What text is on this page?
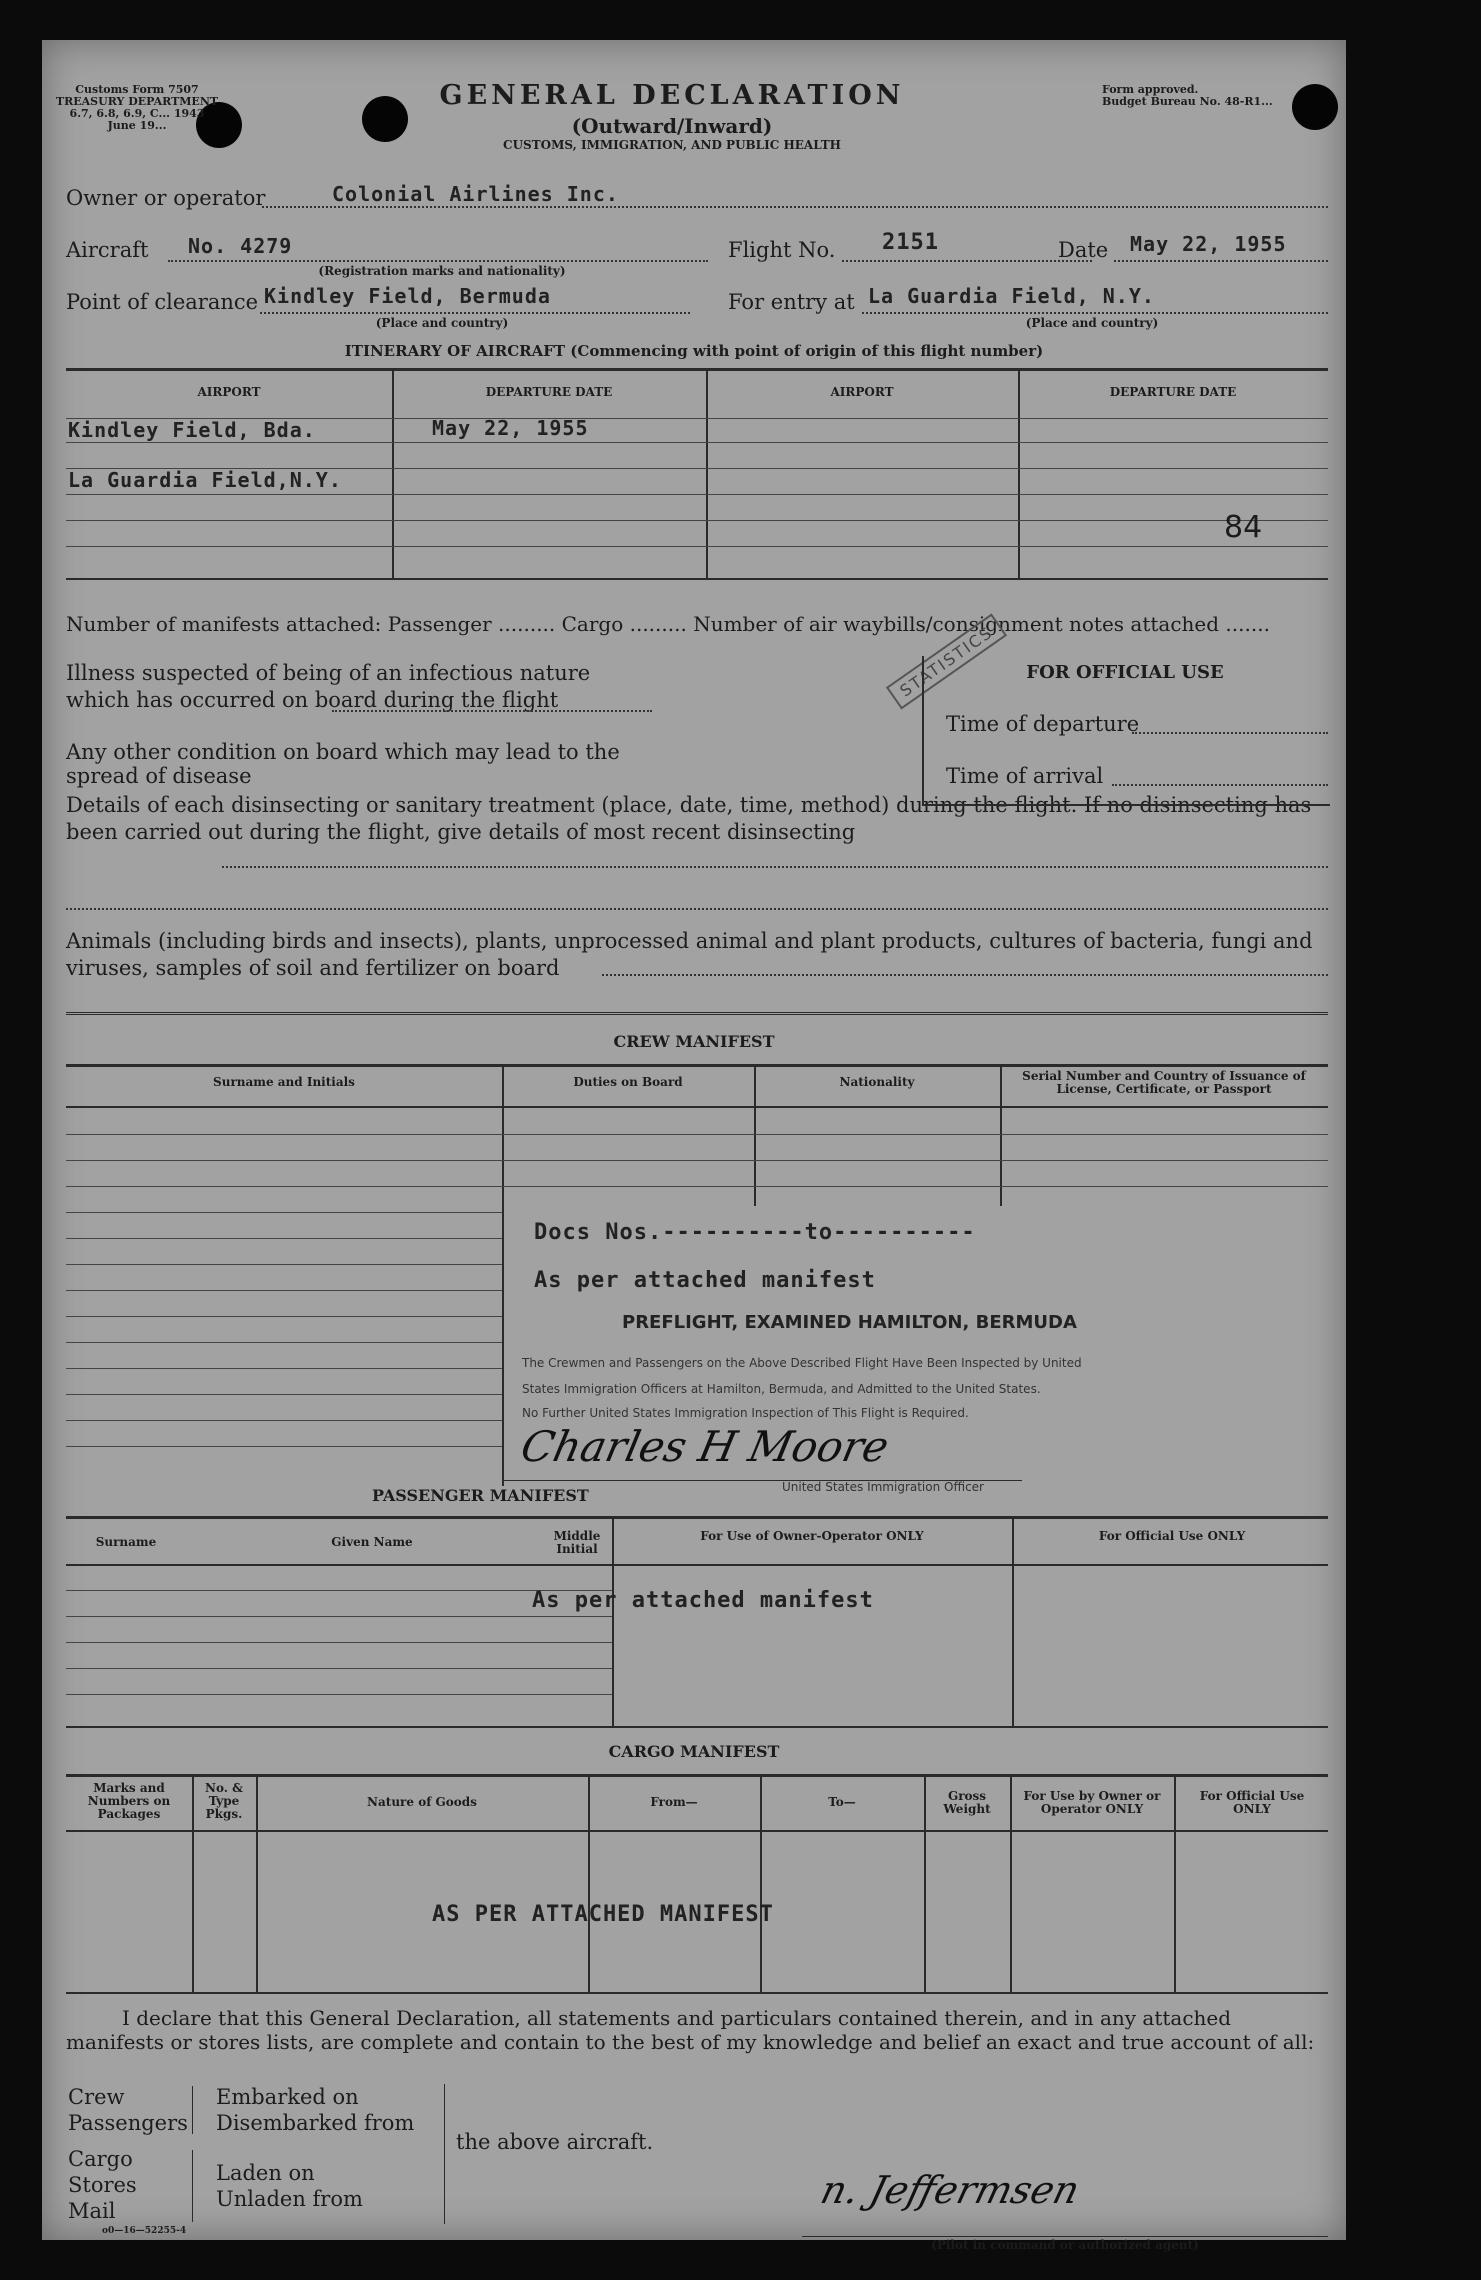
Customs Form 7507
TREASURY DEPARTMENT
6.7, 6.8, 6.9, C... 1943
June 19...
GENERAL DECLARATION
(Outward/Inward)
CUSTOMS, IMMIGRATION, AND PUBLIC HEALTH
Form approved.
Budget Bureau No. 48-R1...
Owner or operator	Colonial Airlines Inc.
Aircraft No. 4279
(Registration marks and nationality)
Flight No. 2151	Date May 22, 1955
Point of clearance Kindley Field, Bermuda
(Place and country)
For entry at La Guardia Field, N.Y.
(Place and country)
ITINERARY OF AIRCRAFT (Commencing with point of origin of this flight number)
AIRPORT	DEPARTURE DATE	AIRPORT	DEPARTURE DATE
Kindley Field, Bda.	May 22, 1955
La Guardia Field,N.Y.
84
Number of manifests attached: Passenger ......... Cargo ......... Number of air waybills/consignment notes attached .......
Illness suspected of being of an infectious nature which has occurred on board during the flight
Any other condition on board which may lead to the spread of disease
Details of each disinsecting or sanitary treatment (place, date, time, method) during the flight. If no disinsecting has been carried out during the flight, give details of most recent disinsecting
Animals (including birds and insects), plants, unprocessed animal and plant products, cultures of bacteria, fungi and viruses, samples of soil and fertilizer on board
STATISTICS	FOR OFFICIAL USE
Time of departure
Time of arrival
CREW MANIFEST
Surname and Initials	Duties on Board	Nationality	Serial Number and Country of Issuance of License, Certificate, or Passport
Docs Nos.----------to----------
As per attached manifest
PREFLIGHT, EXAMINED HAMILTON, BERMUDA
The Crewmen and Passengers on the Above Described Flight Have Been Inspected by United
States Immigration Officers at Hamilton, Bermuda, and Admitted to the United States.
No Further United States Immigration Inspection of This Flight is Required.
Charles H Moore
United States Immigration Officer
PASSENGER MANIFEST
Surname	Given Name	Middle Initial
For Use of Owner-Operator ONLY	For Official Use ONLY
As per attached manifest
CARGO MANIFEST
Marks and Numbers on Packages
No. & Type Pkgs.
Nature of Goods	From—	To—	Gross Weight
For Use by Owner or Operator ONLY
For Official Use ONLY
AS PER ATTACHED MANIFEST
I declare that this General Declaration, all statements and particulars contained therein, and in any attached manifests or stores lists, are complete and contain to the best of my knowledge and belief an exact and true account of all:
Crew
Passengers
Embarked on
Disembarked from
Cargo
Stores
Mail
Laden on
Unladen from
the above aircraft.
n. Jeffermsen
(Pilot in command or authorized agent)
o0—16—52255-4
